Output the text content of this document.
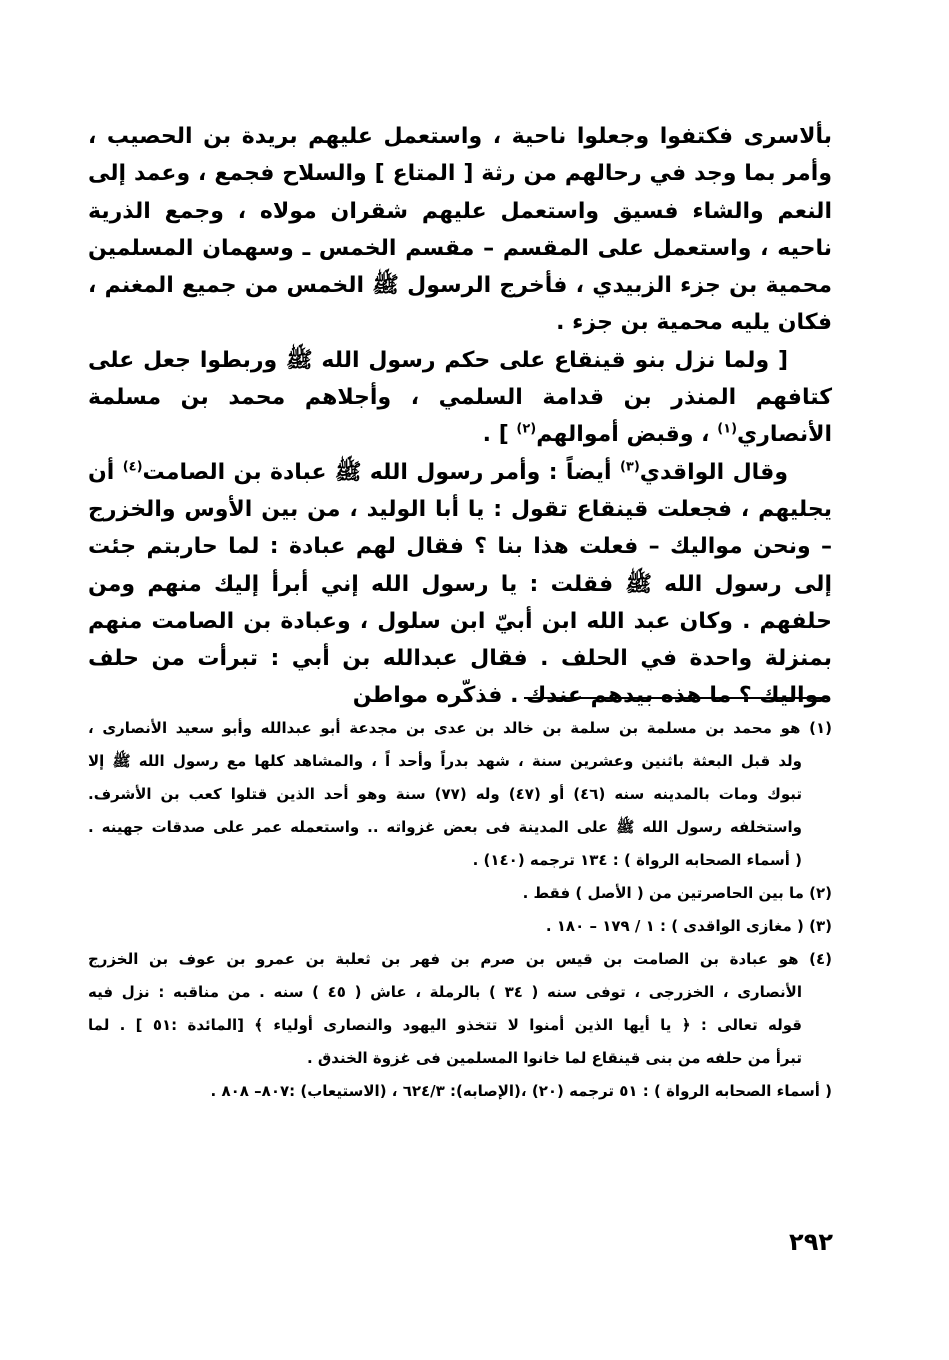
بألاسرى فكتفوا وجعلوا ناحية ، واستعمل عليهم بريدة بن الحصيب ، وأمر بما وجد في رحالهم من رثة [ المتاع ] والسلاح فجمع ، وعمد إلى النعم والشاء فسيق واستعمل عليهم شقران مولاه ، وجمع الذرية ناحيه ، واستعمل على المقسم – مقسم الخمس ـ وسهمان المسلمين محمية بن جزء الزبيدي ، فأخرج الرسول ﷺ الخمس من جميع المغنم ، فكان يليه محمية بن جزء .

[ ولما نزل بنو قينقاع على حكم رسول الله ﷺ وربطوا جعل على كتافهم المنذر بن قدامة السلمي ، وأجلاهم محمد بن مسلمة الأنصاري$^{(١)}$ ، وقبض أموالهم$^{(٢)}$ ] .

وقال الواقدي$^{(٣)}$ أيضاً : وأمر رسول الله ﷺ عبادة بن الصامت$^{(٤)}$ أن يجليهم ، فجعلت قينقاع تقول : يا أبا الوليد ، من بين الأوس والخزرج – ونحن مواليك – فعلت هذا بنا ؟ فقال لهم عبادة : لما حاربتم جئت إلى رسول الله ﷺ فقلت : يا رسول الله إني أبرأ إليك منهم ومن حلفهم . وكان عبد الله ابن أبيّ ابن سلول ، وعبادة بن الصامت منهم بمنزلة واحدة في الحلف . فقال عبدالله بن أبي : تبرأت من حلف مواليك ؟ ما هذه بيدهم عندك . فذكّره مواطن

(١) هو محمد بن مسلمة بن سلمة بن خالد بن عدى بن مجدعة أبو عبدالله وأبو سعيد الأنصارى ،
ولد قبل البعثة باثنين وعشرين سنة ، شهد بدراً وأحد اً ، والمشاهد كلها مع رسول الله ﷺ إلا
تبوك ومات بالمدينه سنه (٤٦) أو (٤٧) وله (٧٧) سنة وهو أحد الذين قتلوا كعب بن الأشرف.
واستخلفه رسول الله ﷺ على المدينة فى بعض غزواته .. واستعمله عمر على صدقات جهينه .
( أسماء الصحابه الرواة ) : ١٣٤ ترجمه (١٤٠) .
(٢) ما بين الحاصرتين من ( الأصل ) فقط .
(٣) ( مغازى الواقدى ) : ١ / ١٧٩ – ١٨٠ .
(٤) هو عبادة بن الصامت بن قيس بن صرم بن فهر بن ثعلبة بن عمرو بن عوف بن الخزرج
الأنصارى ، الخزرجى ، توفى سنه ( ٣٤ ) بالرملة ، عاش ( ٤٥ ) سنه . من مناقبه : نزل فيه
قوله تعالى : ﴿ يا أيها الذين أمنوا لا تتخذو اليهود والنصارى أولياء ﴾ [المائدة :٥١ ] . لما
تبرأ من حلفه من بنى قينقاع لما خانوا المسلمين فى غزوة الخندق .
( أسماء الصحابه الرواة ) : ٥١ ترجمه (٢٠) ،(الإصابه): ٦٢٤/٣ ، (الاستيعاب) :٨٠٧– ٨٠٨ .
٢٩٢
